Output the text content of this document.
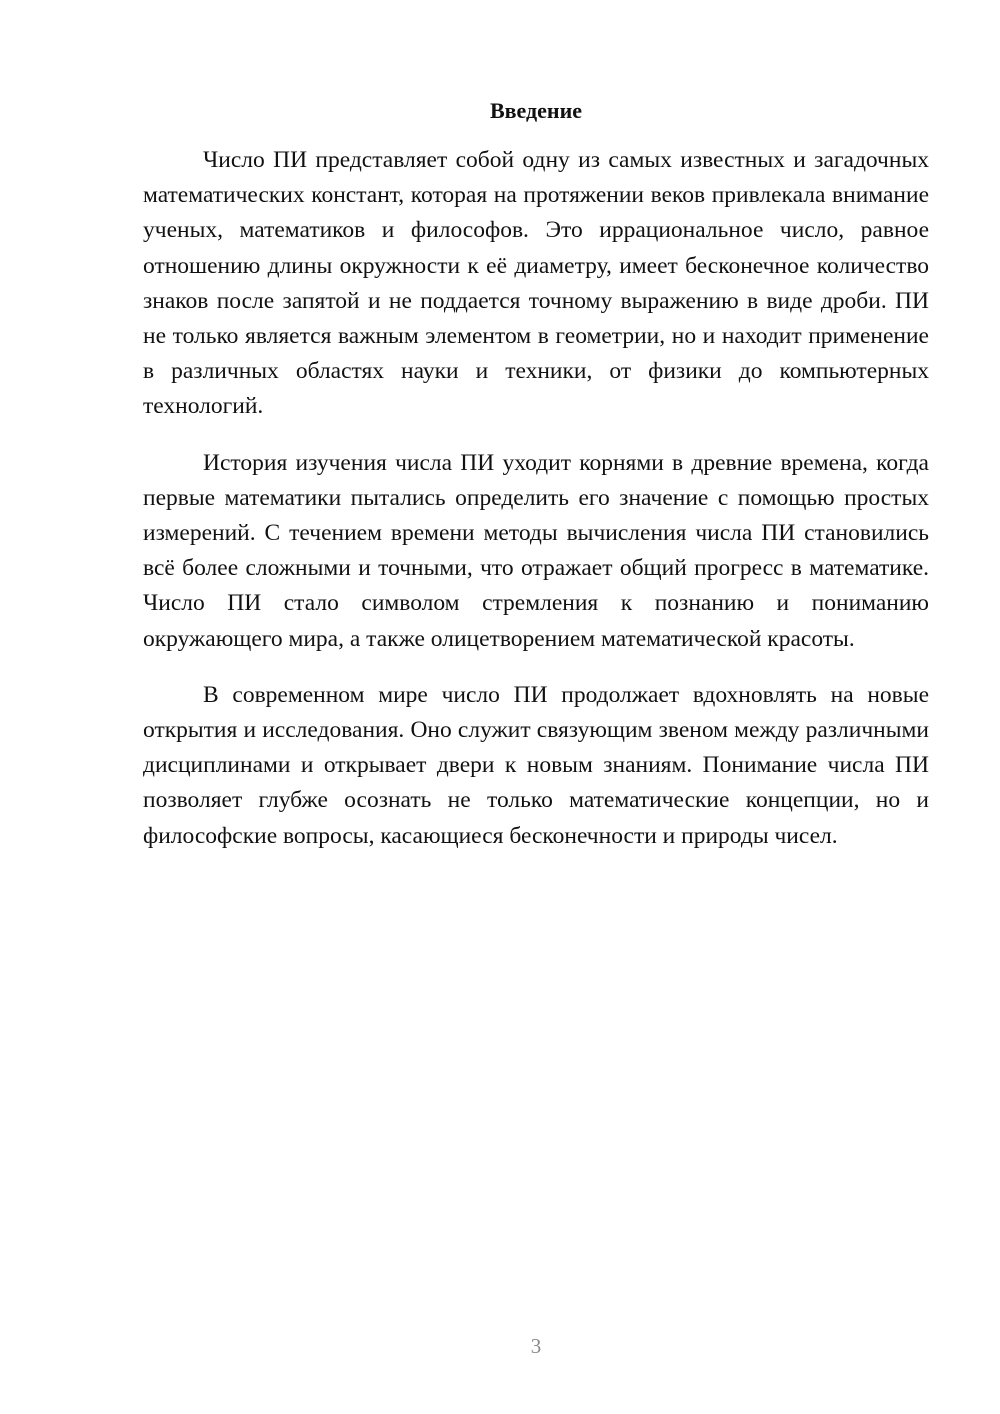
Введение

Число ПИ представляет собой одну из самых известных и загадочных математических констант, которая на протяжении веков привлекала внимание ученых, математиков и философов. Это иррациональное число, равное отношению длины окружности к её диаметру, имеет бесконечное количество знаков после запятой и не поддается точному выражению в виде дроби. ПИ не только является важным элементом в геометрии, но и находит применение в различных областях науки и техники, от физики до компьютерных технологий.

История изучения числа ПИ уходит корнями в древние времена, когда первые математики пытались определить его значение с помощью простых измерений. С течением времени методы вычисления числа ПИ становились всё более сложными и точными, что отражает общий прогресс в математике. Число ПИ стало символом стремления к познанию и пониманию окружающего мира, а также олицетворением математической красоты.

В современном мире число ПИ продолжает вдохновлять на новые открытия и исследования. Оно служит связующим звеном между различными дисциплинами и открывает двери к новым знаниям. Понимание числа ПИ позволяет глубже осознать не только математические концепции, но и философские вопросы, касающиеся бесконечности и природы чисел.

3
